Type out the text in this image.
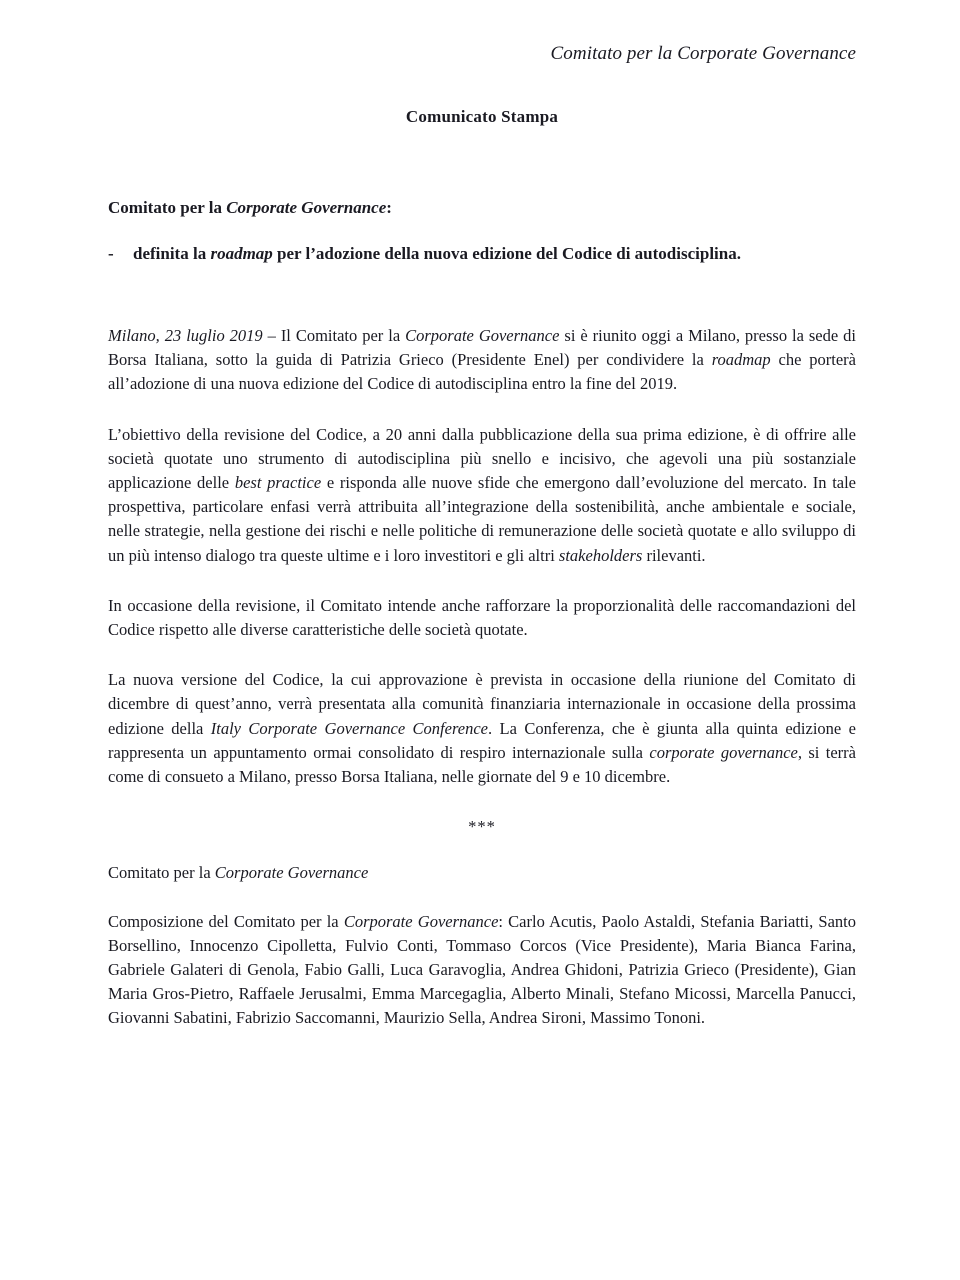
Comitato per la Corporate Governance
Comunicato Stampa
Comitato per la Corporate Governance:
-	definita la roadmap per l’adozione della nuova edizione del Codice di autodisciplina.

Milano, 23 luglio 2019 – Il Comitato per la Corporate Governance si è riunito oggi a Milano, presso la sede di Borsa Italiana, sotto la guida di Patrizia Grieco (Presidente Enel) per condividere la roadmap che porterà all’adozione di una nuova edizione del Codice di autodisciplina entro la fine del 2019.

L’obiettivo della revisione del Codice, a 20 anni dalla pubblicazione della sua prima edizione, è di offrire alle società quotate uno strumento di autodisciplina più snello e incisivo, che agevoli una più sostanziale applicazione delle best practice e risponda alle nuove sfide che emergono dall’evoluzione del mercato. In tale prospettiva, particolare enfasi verrà attribuita all’integrazione della sostenibilità, anche ambientale e sociale, nelle strategie, nella gestione dei rischi e nelle politiche di remunerazione delle società quotate e allo sviluppo di un più intenso dialogo tra queste ultime e i loro investitori e gli altri stakeholders rilevanti.

In occasione della revisione, il Comitato intende anche rafforzare la proporzionalità delle raccomandazioni del Codice rispetto alle diverse caratteristiche delle società quotate.

La nuova versione del Codice, la cui approvazione è prevista in occasione della riunione del Comitato di dicembre di quest’anno, verrà presentata alla comunità finanziaria internazionale in occasione della prossima edizione della Italy Corporate Governance Conference. La Conferenza, che è giunta alla quinta edizione e rappresenta un appuntamento ormai consolidato di respiro internazionale sulla corporate governance, si terrà come di consueto a Milano, presso Borsa Italiana, nelle giornate del 9 e 10 dicembre.

***
Comitato per la Corporate Governance

Composizione del Comitato per la Corporate Governance: Carlo Acutis, Paolo Astaldi, Stefania Bariatti, Santo Borsellino, Innocenzo Cipolletta, Fulvio Conti, Tommaso Corcos (Vice Presidente), Maria Bianca Farina, Gabriele Galateri di Genola, Fabio Galli, Luca Garavoglia, Andrea Ghidoni, Patrizia Grieco (Presidente), Gian Maria Gros-Pietro, Raffaele Jerusalmi, Emma Marcegaglia, Alberto Minali, Stefano Micossi, Marcella Panucci, Giovanni Sabatini, Fabrizio Saccomanni, Maurizio Sella, Andrea Sironi, Massimo Tononi.
